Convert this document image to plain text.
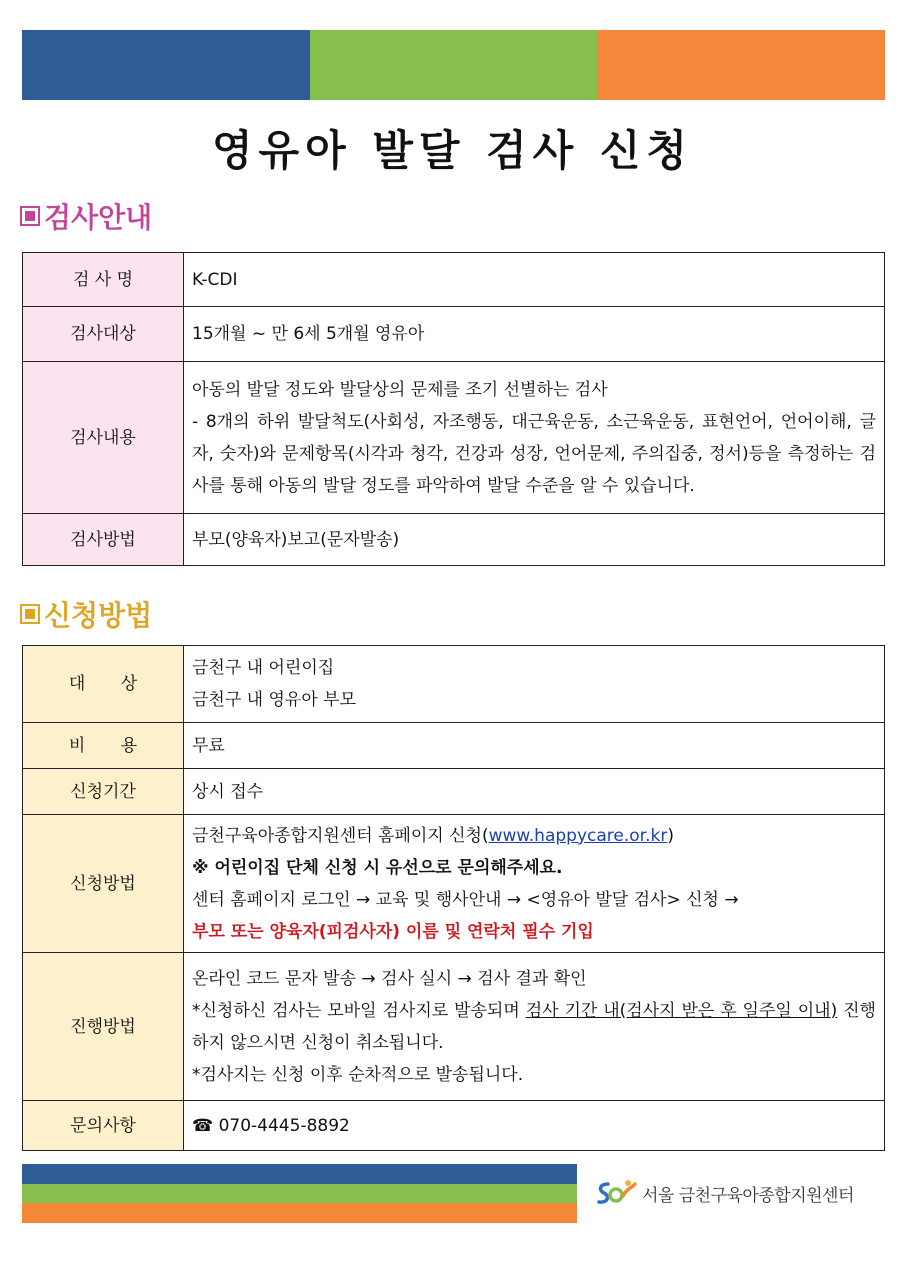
영유아 발달 검사 신청
검사안내
검 사 명	K-CDI
검사대상	15개월 ~ 만 6세 5개월 영유아
검사내용	아동의 발달 정도와 발달상의 문제를 조기 선별하는 검사
- 8개의 하위 발달척도(사회성, 자조행동, 대근육운동, 소근육운동, 표현언어, 언어이해, 글자, 숫자)와 문제항목(시각과 청각, 건강과 성장, 언어문제, 주의집중, 정서)등을 측정하는 검사를 통해 아동의 발달 정도를 파악하여 발달 수준을 알 수 있습니다.

검사방법	부모(양육자)보고(문자발송)
신청방법
대 상	금천구 내 어린이집
금천구 내 영유아 부모

비 용	무료
신청기간	상시 접수
신청방법	금천구육아종합지원센터 홈페이지 신청(www.happycare.or.kr)
※ 어린이집 단체 신청 시 유선으로 문의해주세요.
센터 홈페이지 로그인 → 교육 및 행사안내 → <영유아 발달 검사> 신청 →
부모 또는 양육자(피검사자) 이름 및 연락처 필수 기입

진행방법	온라인 코드 문자 발송 → 검사 실시 → 검사 결과 확인
*신청하신 검사는 모바일 검사지로 발송되며 검사 기간 내(검사지 받은 후 일주일 이내) 진행하지 않으시면 신청이 취소됩니다.
*검사지는 신청 이후 순차적으로 발송됩니다.

문의사항	☎ 070-4445-8892
서울 금천구육아종합지원센터
